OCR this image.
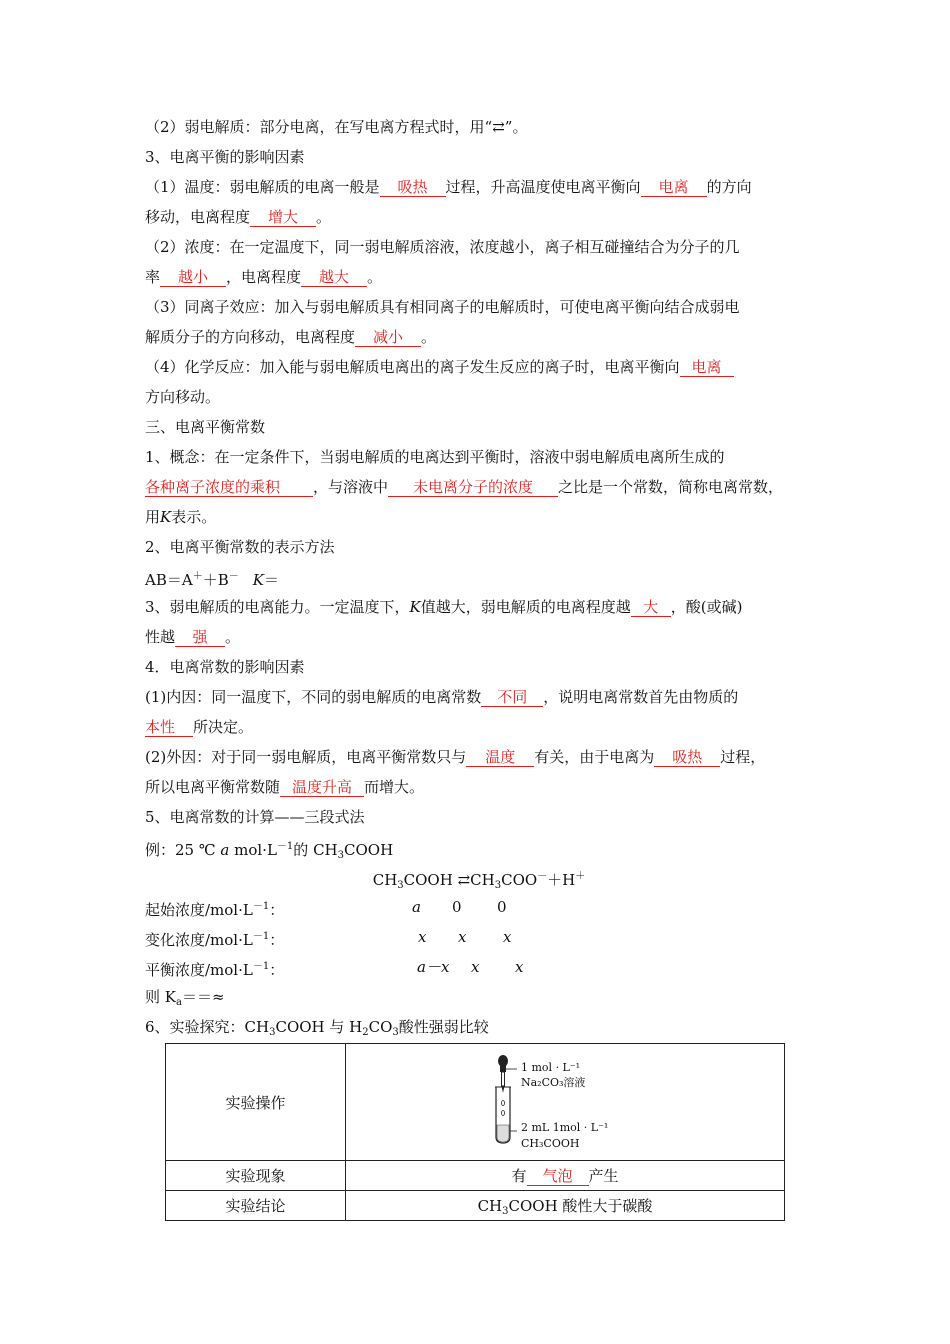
（2）弱电解质：部分电离，在写电离方程式时，用“⇄”。
3、电离平衡的影响因素
（1）温度：弱电解质的电离一般是 吸热 过程，升高温度使电离平衡向 电离 的方向
移动，电离程度 增大 。
（2）浓度：在一定温度下，同一弱电解质溶液，浓度越小，离子相互碰撞结合为分子的几
率 越小 ，电离程度 越大 。
（3）同离子效应：加入与弱电解质具有相同离子的电解质时，可使电离平衡向结合成弱电
解质分子的方向移动，电离程度 减小 。
（4）化学反应：加入能与弱电解质电离出的离子发生反应的离子时，电离平衡向 电离
方向移动。
三、电离平衡常数
1、概念：在一定条件下，当弱电解质的电离达到平衡时，溶液中弱电解质电离所生成的
各种离子浓度的乘积 ，与溶液中 未电离分子的浓度 之比是一个常数，简称电离常数，
用K表示。
2、电离平衡常数的表示方法
AB＝A＋＋B－ K＝
3、弱电解质的电离能力。一定温度下，K值越大，弱电解质的电离程度越 大 ，酸(或碱)
性越 强 。
4．电离常数的影响因素
(1)内因：同一温度下，不同的弱电解质的电离常数 不同 ，说明电离常数首先由物质的
本性 所决定。
(2)外因：对于同一弱电解质，电离平衡常数只与 温度 有关，由于电离为 吸热 过程，
所以电离平衡常数随 温度升高 而增大。
5、电离常数的计算——三段式法
例：25 ℃ a $mol\cdot L^{-1}$的 $CH_3COOH$
$CH_3COOH$ $⇄CH_3COO^-+H^+$
起始浓度$/mol\cdot L^{-1}$：	a 0 0
变化浓度$/mol\cdot L^{-1}$：	x x x
平衡浓度$/mol\cdot L^{-1}$：	a－x x x
则 $K_a==\approx$
6、实验探究：$CH_3COOH$ 与 $H_2CO_3$酸性强弱比较
实验操作	1 mol · L⁻¹
Na₂CO₃溶液
2 mL 1mol · L⁻¹
CH₃COOH

实验现象	有 气泡 产生
实验结论	$CH_3COOH$ 酸性大于碳酸
